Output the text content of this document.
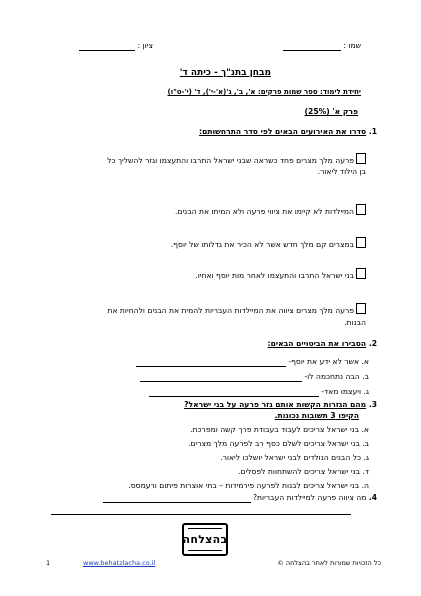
שמו :
ציון :
מבחן בתנ"ך - כיתה ד'
יחידת לימוד: ספר שמות פרקים: א', ב', ג'(א'-י'), ד' (י'-ט"ו)
פרק א' (25%)
1. סדרו את האירועים הבאים לפי סדר התרחשותם:
פרעה מלך מצרים פחד כשראה שבני ישראל התרבו והתעצמו וגזר להשליך כל
בן הילוד ליאור.
המיילדות לא קיימו את ציווי פרעה ולא המיתו את הבנים.
במצרים קם מלך חדש אשר לא הכיר את גדלותו של יוסף.
בני ישראל התרבו והתעצמו לאחר מות יוסף ואחיו.
פרעה מלך מצרים ציווה את המיילדות העבריות להמית את הבנים ולהחיות את
הבנות.
2. הסבירו את הביטויים הבאים:
א. אשר לא ידע את יוסף-
ב. הבה נתחכמה לו-
ג. ויעצמו מאד-
3. מהם הגזרות הקשות אותם גזר פרעה על בני ישראל?
הקיפו 3 תשובות נכונות.
א. בני ישראל צריכים לעבוד בעבודת פרך קשה ומפרכת.
ב. בני ישראל צריכים לשלם כסף רב לפרעה מלך מצרים.
ג. כל הבנים הנולדים לבני ישראל יושלכו ליאור.
ד. בני ישראל צריכים להשתחוות לפסלים.
ה. בני ישראל צריכים לבנות לפרעה פירמידות – בתי אוצרות פיתום ורעמסס.
4. מה ציווה פרעה למיילדות העבריות?
בהצלחה
כל הזכויות שמורות לאתר בהצלחה ©
www.behatzlacha.co.il
1
